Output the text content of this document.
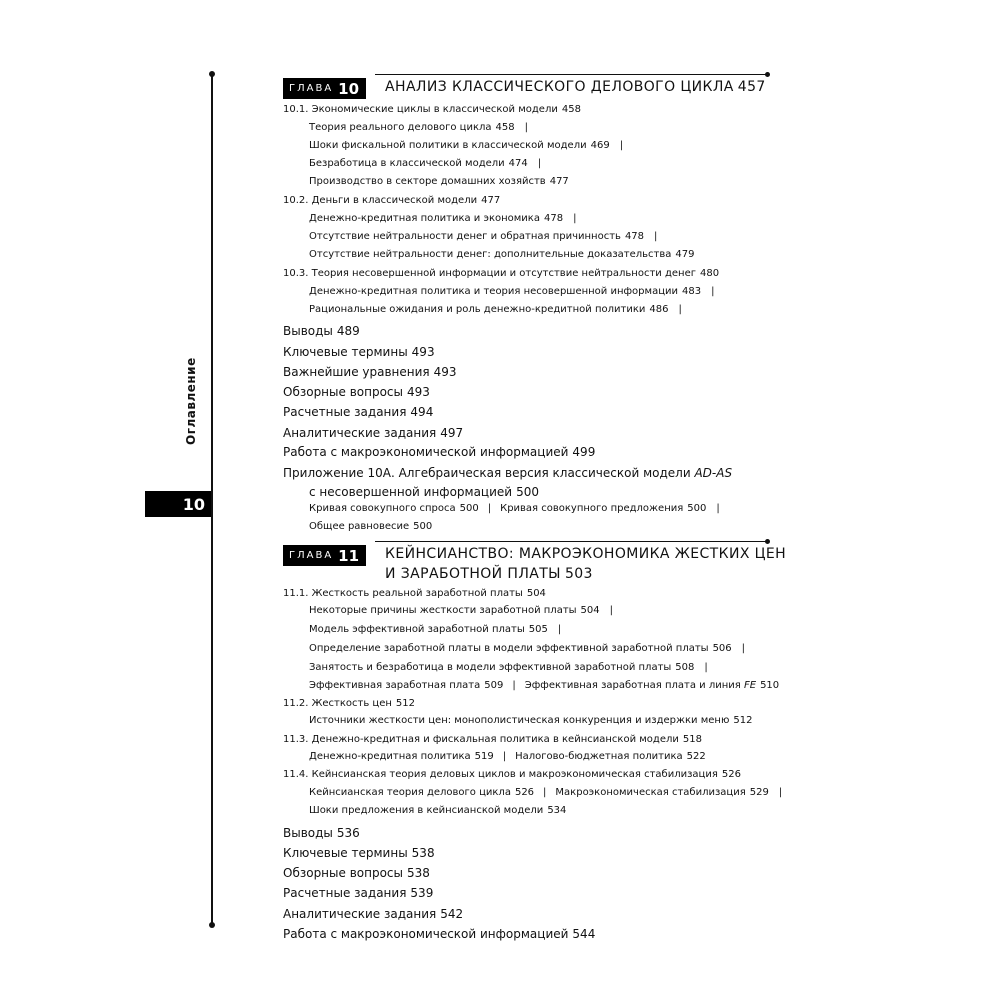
Оглавление
10
ГЛАВА 10 АНАЛИЗ КЛАССИЧЕСКОГО ДЕЛОВОГО ЦИКЛА 457
10.1. Экономические циклы в классической модели 458
Теория реального делового цикла 458 |
Шоки фискальной политики в классической модели 469 |
Безработица в классической модели 474 |
Производство в секторе домашних хозяйств 477
10.2. Деньги в классической модели 477
Денежно-кредитная политика и экономика 478 |
Отсутствие нейтральности денег и обратная причинность 478 |
Отсутствие нейтральности денег: дополнительные доказательства 479
10.3. Теория несовершенной информации и отсутствие нейтральности денег 480
Денежно-кредитная политика и теория несовершенной информации 483 |
Рациональные ожидания и роль денежно-кредитной политики 486 |
Выводы 489
Ключевые термины 493
Важнейшие уравнения 493
Обзорные вопросы 493
Расчетные задания 494
Аналитические задания 497
Работа с макроэкономической информацией 499
Приложение 10А. Алгебраическая версия классической модели AD-AS
с несовершенной информацией 500
Кривая совокупного спроса 500 | Кривая совокупного предложения 500 |
Общее равновесие 500
ГЛАВА 11 КЕЙНСИАНСТВО: МАКРОЭКОНОМИКА ЖЕСТКИХ ЦЕН
И ЗАРАБОТНОЙ ПЛАТЫ 503
11.1. Жесткость реальной заработной платы 504
Некоторые причины жесткости заработной платы 504 |
Модель эффективной заработной платы 505 |
Определение заработной платы в модели эффективной заработной платы 506 |
Занятость и безработица в модели эффективной заработной платы 508 |
Эффективная заработная плата 509 | Эффективная заработная плата и линия FE 510
11.2. Жесткость цен 512
Источники жесткости цен: монополистическая конкуренция и издержки меню 512
11.3. Денежно-кредитная и фискальная политика в кейнсианской модели 518
Денежно-кредитная политика 519 | Налогово-бюджетная политика 522
11.4. Кейнсианская теория деловых циклов и макроэкономическая стабилизация 526
Кейнсианская теория делового цикла 526 | Макроэкономическая стабилизация 529 |
Шоки предложения в кейнсианской модели 534
Выводы 536
Ключевые термины 538
Обзорные вопросы 538
Расчетные задания 539
Аналитические задания 542
Работа с макроэкономической информацией 544
